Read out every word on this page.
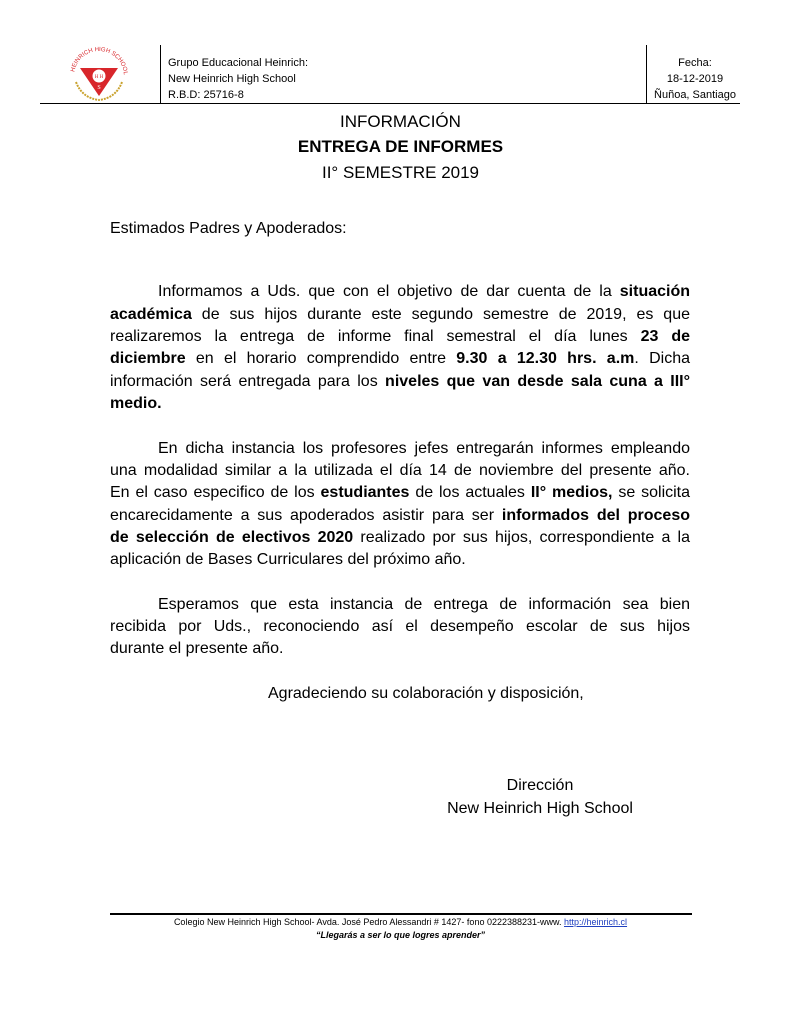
HEINRICH HIGH SCHOOL
H H
S
Grupo Educacional Heinrich:
New Heinrich High School
R.B.D: 25716-8
Fecha:
18-12-2019
Ñuñoa, Santiago
INFORMACIÓN
ENTREGA DE INFORMES
II° SEMESTRE 2019
Estimados Padres y Apoderados:
Informamos a Uds. que con el objetivo de dar cuenta de la situación
académica de sus hijos durante este segundo semestre de 2019, es que
realizaremos la entrega de informe final semestral el día lunes 23 de
diciembre en el horario comprendido entre 9.30 a 12.30 hrs. a.m. Dicha
información será entregada para los niveles que van desde sala cuna a III°
medio.
En dicha instancia los profesores jefes entregarán informes empleando
una modalidad similar a la utilizada el día 14 de noviembre del presente año.
En el caso especifico de los estudiantes de los actuales II° medios, se solicita
encarecidamente a sus apoderados asistir para ser informados del proceso
de selección de electivos 2020 realizado por sus hijos, correspondiente a la
aplicación de Bases Curriculares del próximo año.
Esperamos que esta instancia de entrega de información sea bien
recibida por Uds., reconociendo así el desempeño escolar de sus hijos
durante el presente año.
Agradeciendo su colaboración y disposición,
Dirección
New Heinrich High School
Colegio New Heinrich High School- Avda. José Pedro Alessandri # 1427- fono 0222388231-www. http://heinrich.cl
“Llegarás a ser lo que logres aprender”
